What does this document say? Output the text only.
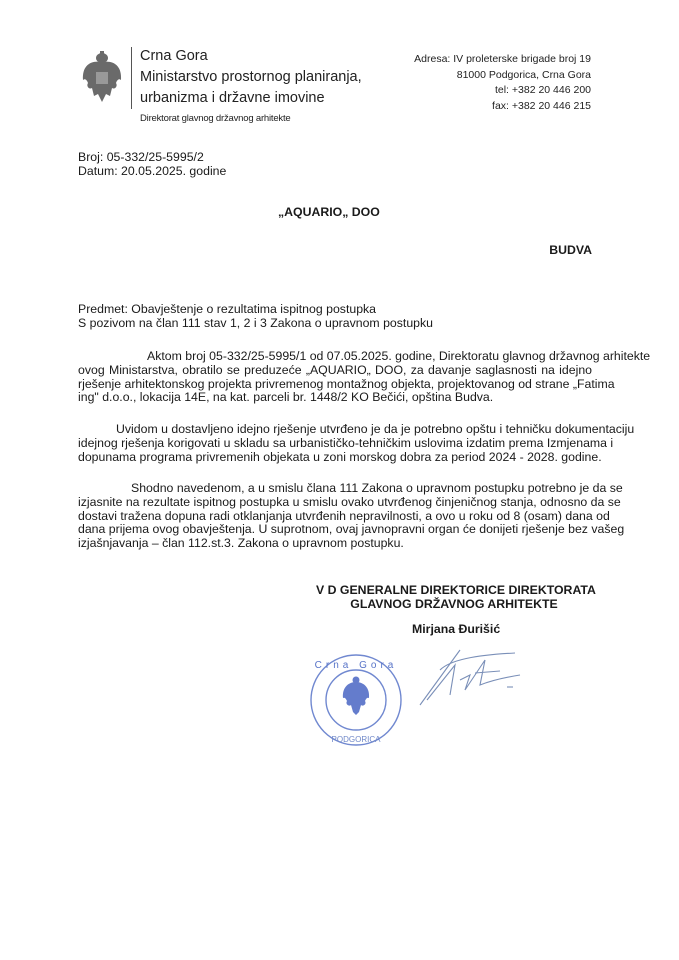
Crna Gora
Ministarstvo prostornog planiranja,
urbanizma i državne imovine
Direktorat glavnog državnog arhitekte
Adresa: IV proleterske brigade broj 19
81000 Podgorica, Crna Gora
tel: +382 20 446 200
fax: +382 20 446 215
Broj: 05-332/25-5995/2
Datum: 20.05.2025. godine
„AQUARIO„ DOO
BUDVA
Predmet: Obavještenje o rezultatima ispitnog postupka
S pozivom na član 111 stav 1, 2 i 3 Zakona o upravnom postupku
Aktom broj 05-332/25-5995/1 od 07.05.2025. godine, Direktoratu glavnog državnog arhitekte
ovog Ministarstva, obratilo se preduzeće „AQUARIO„ DOO, za davanje saglasnosti na idejno
rješenje arhitektonskog projekta privremenog montažnog objekta, projektovanog od strane „Fatima
ing" d.o.o., lokacija 14E, na kat. parceli br. 1448/2 KO Bečići, opština Budva.
Uvidom u dostavljeno idejno rješenje utvrđeno je da je potrebno opštu i tehničku dokumentaciju
idejnog rješenja korigovati u skladu sa urbanističko-tehničkim uslovima izdatim prema Izmjenama i
dopunama programa privremenih objekata u zoni morskog dobra za period 2024 - 2028. godine.
Shodno navedenom, a u smislu člana 111 Zakona o upravnom postupku potrebno je da se
izjasnite na rezultate ispitnog postupka u smislu ovako utvrđenog činjeničnog stanja, odnosno da se
dostavi tražena dopuna radi otklanjanja utvrđenih nepravilnosti, a ovo u roku od 8 (osam) dana od
dana prijema ovog obavještenja. U suprotnom, ovaj javnopravni organ će donijeti rješenje bez vašeg
izjašnjavanja – član 112.st.3. Zakona o upravnom postupku.
V D GENERALNE DIREKTORICE DIREKTORATA
GLAVNOG DRŽAVNOG ARHITEKTE
Mirjana Đurišić
Crna Gora
PODGORICA
